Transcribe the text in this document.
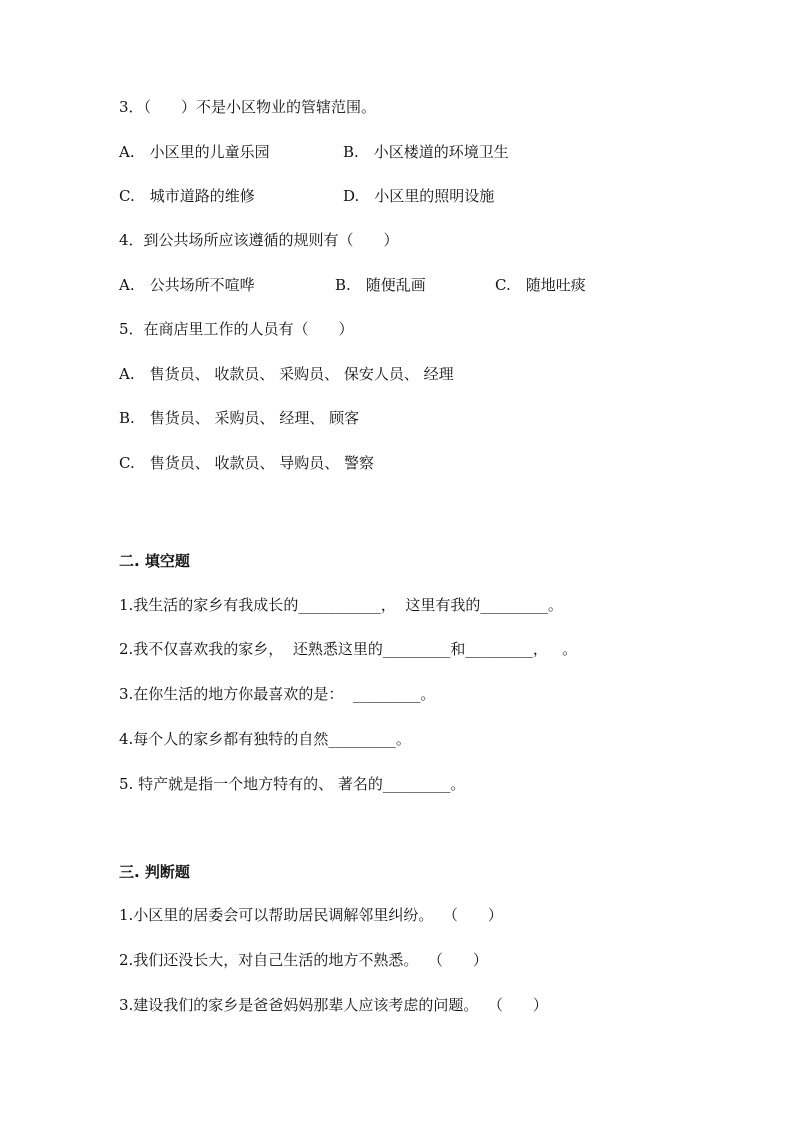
3．（　　）不是小区物业的管辖范围。
A.　小区里的儿童乐园	B.　小区楼道的环境卫生
C.　城市道路的维修	D.　小区里的照明设施
4．到公共场所应该遵循的规则有（　　）
A.　公共场所不喧哗	B.　随便乱画	C.　随地吐痰
5．在商店里工作的人员有（　　）
A.　售货员、 收款员、 采购员、 保安人员、 经理
B.　售货员、 采购员、 经理、 顾客
C.　售货员、 收款员、 导购员、 警察
二. 填空题
1.我生活的家乡有我成长的___________，  这里有我的_________。
2.我不仅喜欢我的家乡，  还熟悉这里的_________和_________，   。
3.在你生活的地方你最喜欢的是：  _________。
4.每个人的家乡都有独特的自然_________。
5. 特产就是指一个地方特有的、 著名的_________。
三. 判断题
1.小区里的居委会可以帮助居民调解邻里纠纷。  （　　）
2.我们还没长大，对自己生活的地方不熟悉。  （　　）
3.建设我们的家乡是爸爸妈妈那辈人应该考虑的问题。  （　　）
